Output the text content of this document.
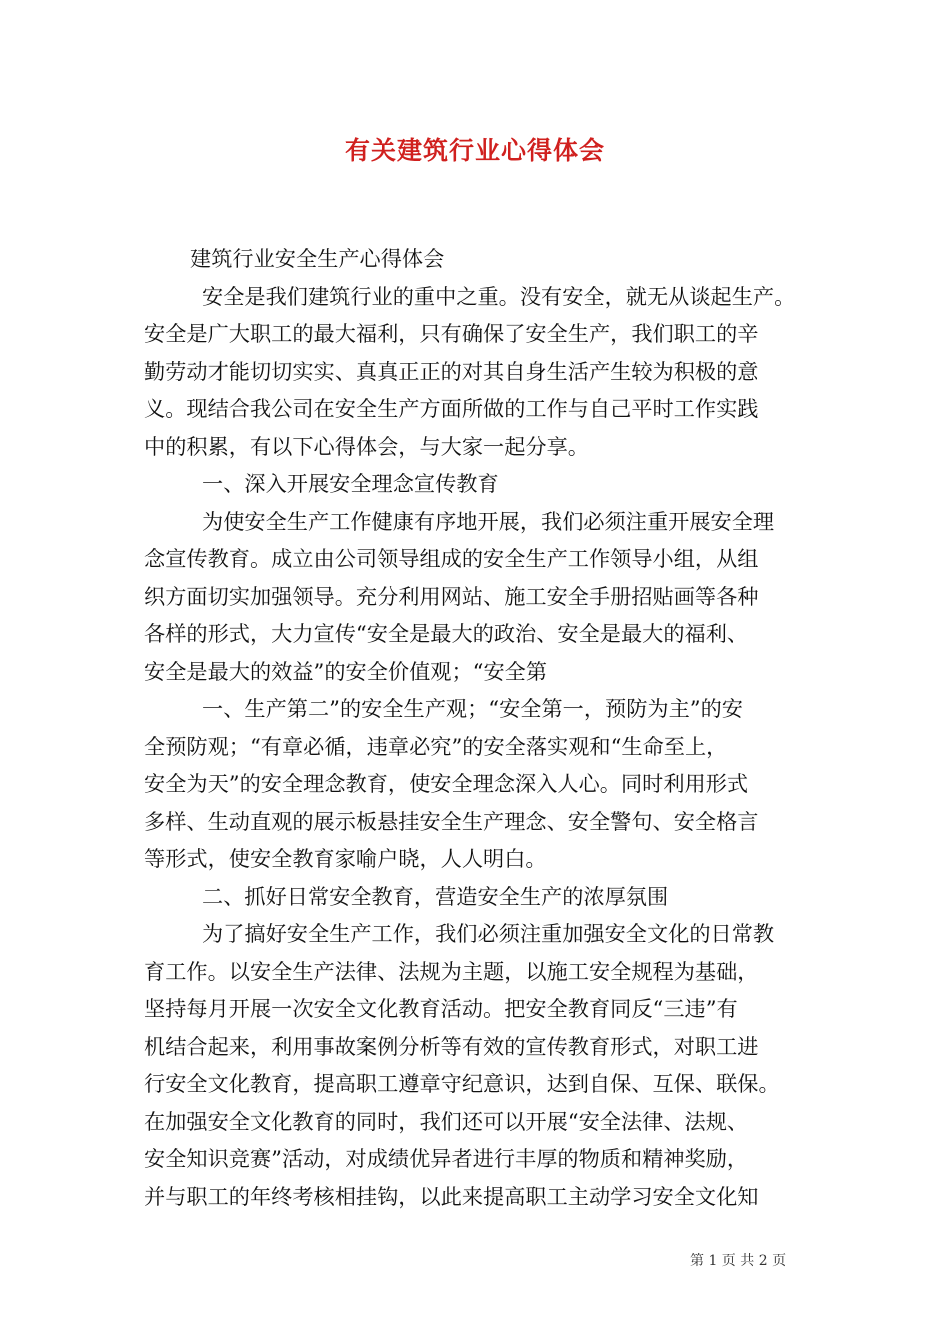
有关建筑行业心得体会
建筑行业安全生产心得体会
安全是我们建筑行业的重中之重。没有安全，就无从谈起生产。
安全是广大职工的最大福利，只有确保了安全生产，我们职工的辛
勤劳动才能切切实实、真真正正的对其自身生活产生较为积极的意
义。现结合我公司在安全生产方面所做的工作与自己平时工作实践
中的积累，有以下心得体会，与大家一起分享。
一、深入开展安全理念宣传教育
为使安全生产工作健康有序地开展，我们必须注重开展安全理
念宣传教育。成立由公司领导组成的安全生产工作领导小组，从组
织方面切实加强领导。充分利用网站、施工安全手册招贴画等各种
各样的形式，大力宣传“安全是最大的政治、安全是最大的福利、
安全是最大的效益”的安全价值观；“安全第
一、生产第二”的安全生产观；“安全第一，预防为主”的安
全预防观；“有章必循，违章必究”的安全落实观和“生命至上，
安全为天”的安全理念教育，使安全理念深入人心。同时利用形式
多样、生动直观的展示板悬挂安全生产理念、安全警句、安全格言
等形式，使安全教育家喻户晓，人人明白。
二、抓好日常安全教育，营造安全生产的浓厚氛围
为了搞好安全生产工作，我们必须注重加强安全文化的日常教
育工作。以安全生产法律、法规为主题，以施工安全规程为基础，
坚持每月开展一次安全文化教育活动。把安全教育同反“三违”有
机结合起来，利用事故案例分析等有效的宣传教育形式，对职工进
行安全文化教育，提高职工遵章守纪意识，达到自保、互保、联保。
在加强安全文化教育的同时，我们还可以开展“安全法律、法规、
安全知识竞赛”活动，对成绩优异者进行丰厚的物质和精神奖励，
并与职工的年终考核相挂钩，以此来提高职工主动学习安全文化知
第 1 页 共 2 页
